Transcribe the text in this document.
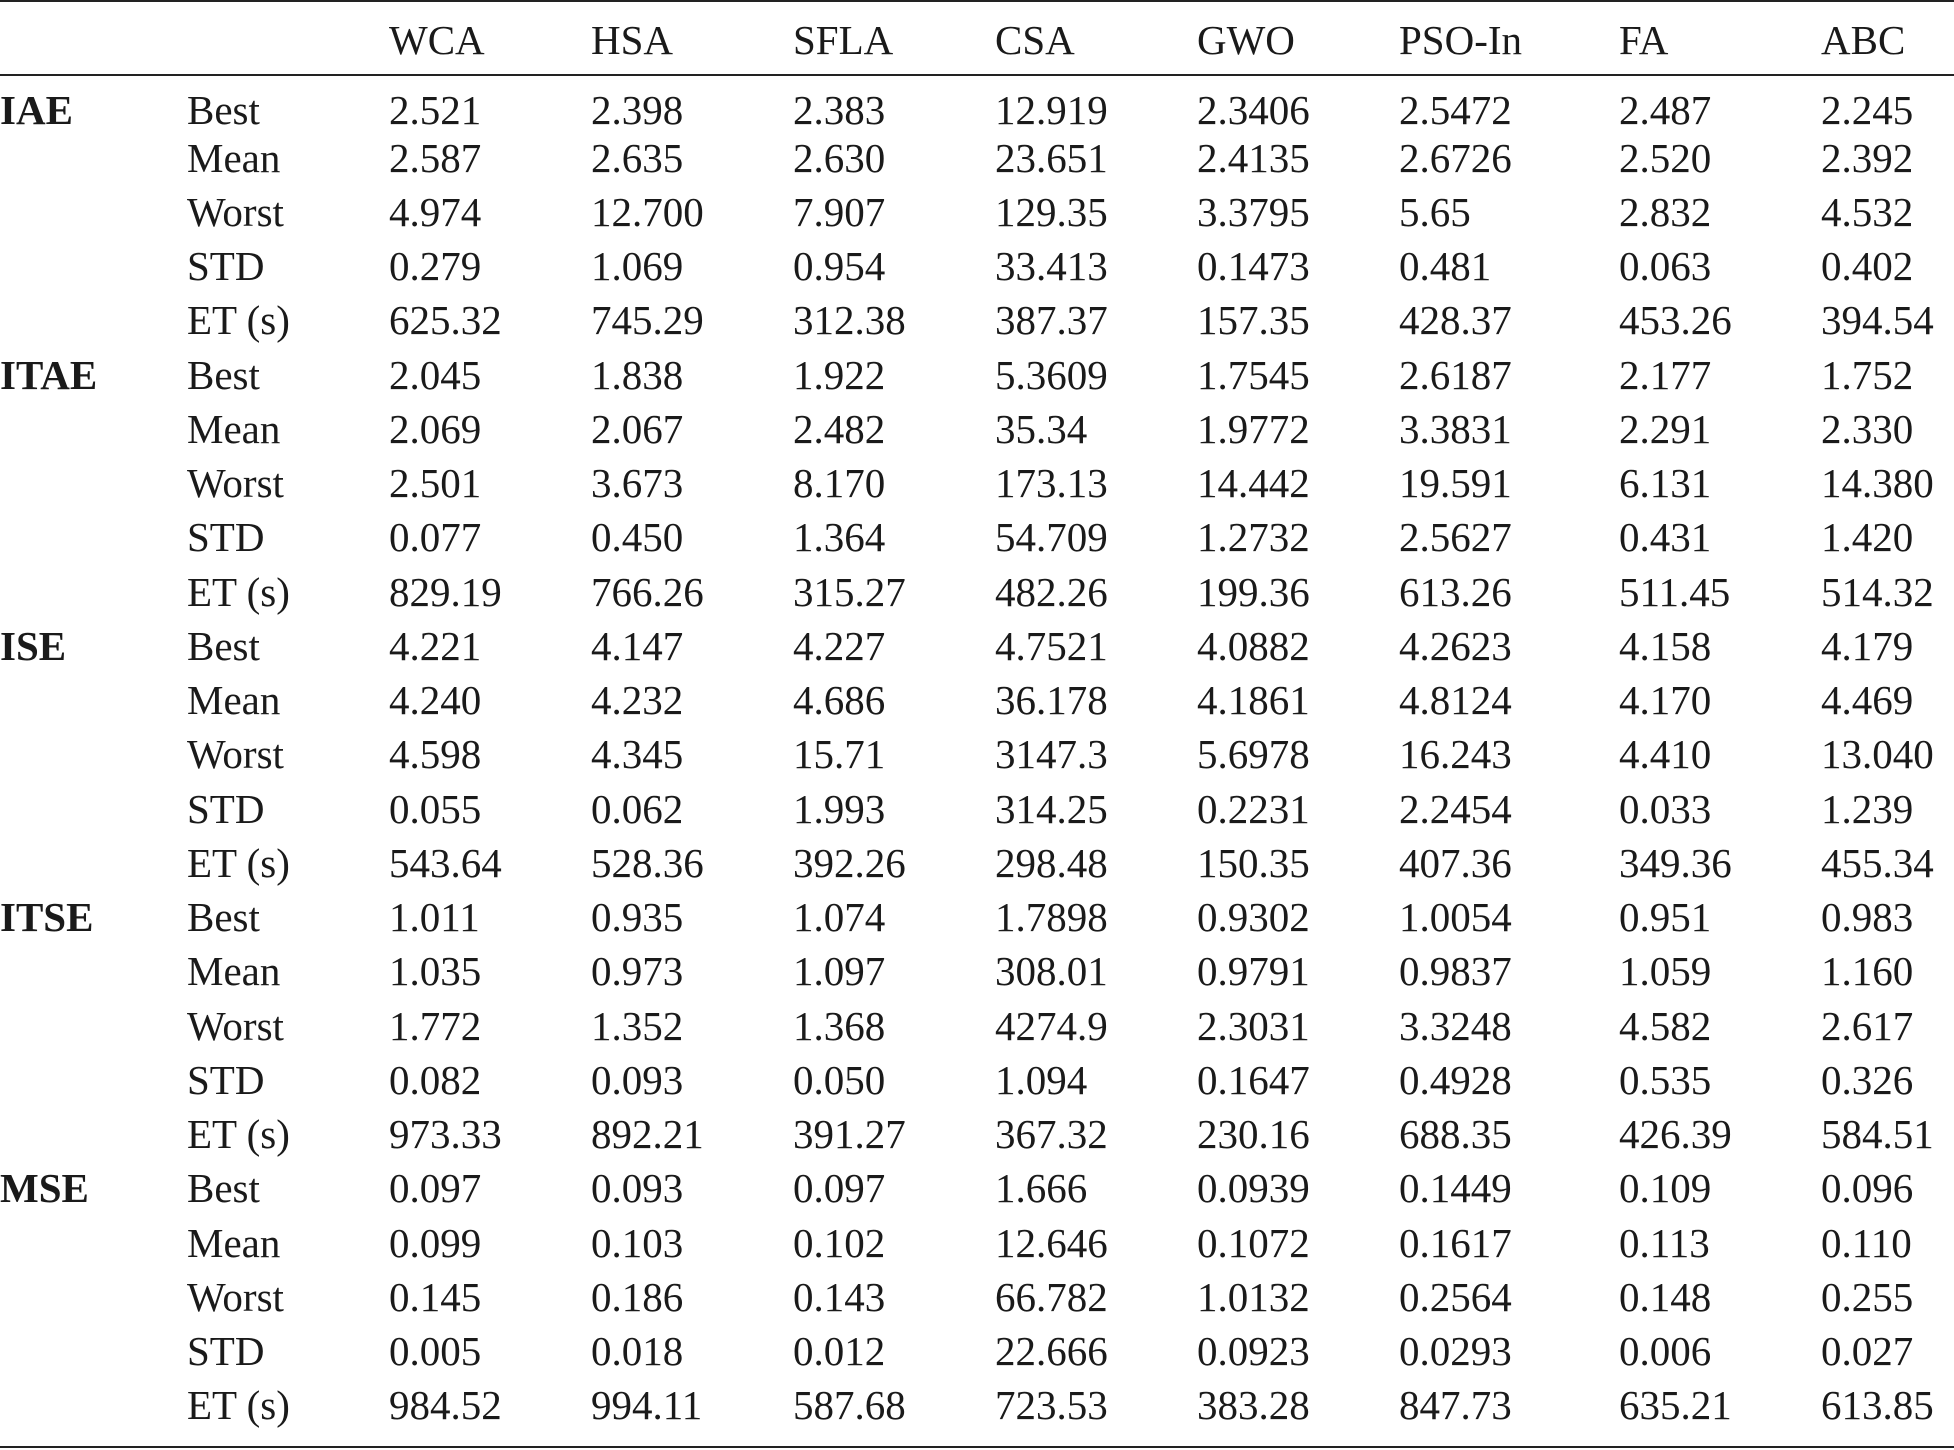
		WCA	HSA	SFLA	CSA	GWO	PSO-In	FA	ABC
IAE	Best	2.521	2.398	2.383	12.919	2.3406	2.5472	2.487	2.245
	Mean	2.587	2.635	2.630	23.651	2.4135	2.6726	2.520	2.392
	Worst	4.974	12.700	7.907	129.35	3.3795	5.65	2.832	4.532
	STD	0.279	1.069	0.954	33.413	0.1473	0.481	0.063	0.402
	ET (s)	625.32	745.29	312.38	387.37	157.35	428.37	453.26	394.54
ITAE	Best	2.045	1.838	1.922	5.3609	1.7545	2.6187	2.177	1.752
	Mean	2.069	2.067	2.482	35.34	1.9772	3.3831	2.291	2.330
	Worst	2.501	3.673	8.170	173.13	14.442	19.591	6.131	14.380
	STD	0.077	0.450	1.364	54.709	1.2732	2.5627	0.431	1.420
	ET (s)	829.19	766.26	315.27	482.26	199.36	613.26	511.45	514.32
ISE	Best	4.221	4.147	4.227	4.7521	4.0882	4.2623	4.158	4.179
	Mean	4.240	4.232	4.686	36.178	4.1861	4.8124	4.170	4.469
	Worst	4.598	4.345	15.71	3147.3	5.6978	16.243	4.410	13.040
	STD	0.055	0.062	1.993	314.25	0.2231	2.2454	0.033	1.239
	ET (s)	543.64	528.36	392.26	298.48	150.35	407.36	349.36	455.34
ITSE	Best	1.011	0.935	1.074	1.7898	0.9302	1.0054	0.951	0.983
	Mean	1.035	0.973	1.097	308.01	0.9791	0.9837	1.059	1.160
	Worst	1.772	1.352	1.368	4274.9	2.3031	3.3248	4.582	2.617
	STD	0.082	0.093	0.050	1.094	0.1647	0.4928	0.535	0.326
	ET (s)	973.33	892.21	391.27	367.32	230.16	688.35	426.39	584.51
MSE	Best	0.097	0.093	0.097	1.666	0.0939	0.1449	0.109	0.096
	Mean	0.099	0.103	0.102	12.646	0.1072	0.1617	0.113	0.110
	Worst	0.145	0.186	0.143	66.782	1.0132	0.2564	0.148	0.255
	STD	0.005	0.018	0.012	22.666	0.0923	0.0293	0.006	0.027
	ET (s)	984.52	994.11	587.68	723.53	383.28	847.73	635.21	613.85
